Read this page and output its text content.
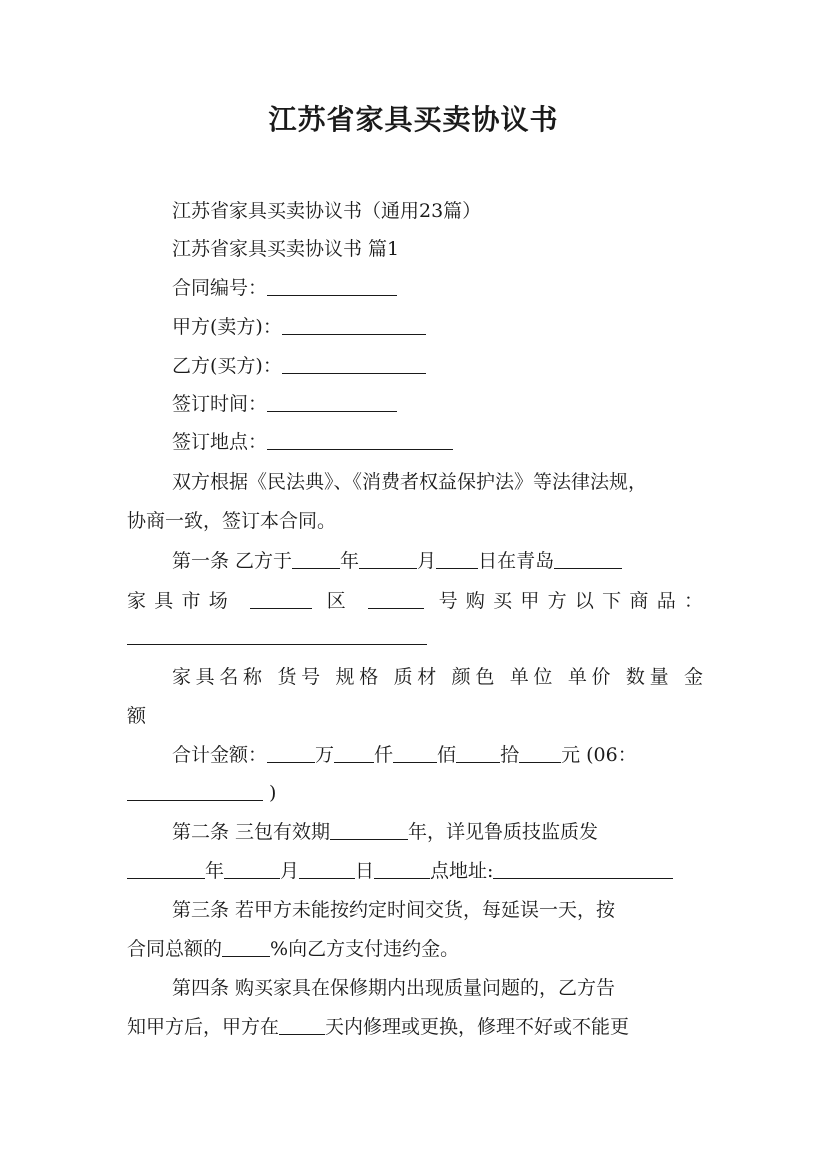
江苏省家具买卖协议书
江苏省家具买卖协议书（通用23篇）
江苏省家具买卖协议书 篇1
合同编号：
甲方(卖方)：
乙方(买方)：
签订时间：
签订地点：
双方根据《民法典》、《消费者权益保护法》等法律法规，
协商一致，签订本合同。
第一条 乙方于	年	月 日在青岛
家具市场	区	号购买甲方以下商品：
家具名称 货号 规格 质材 颜色 单位 单价 数量 金
额
合计金额：	万 仟 佰 拾 元 (06：
)
第二条 三包有效期	年，详见鲁质技监质发
年	月	日	点地址:
第三条 若甲方未能按约定时间交货，每延误一天，按
合同总额的	%向乙方支付违约金。
第四条 购买家具在保修期内出现质量问题的，乙方告
知甲方后，甲方在 天内修理或更换，修理不好或不能更
